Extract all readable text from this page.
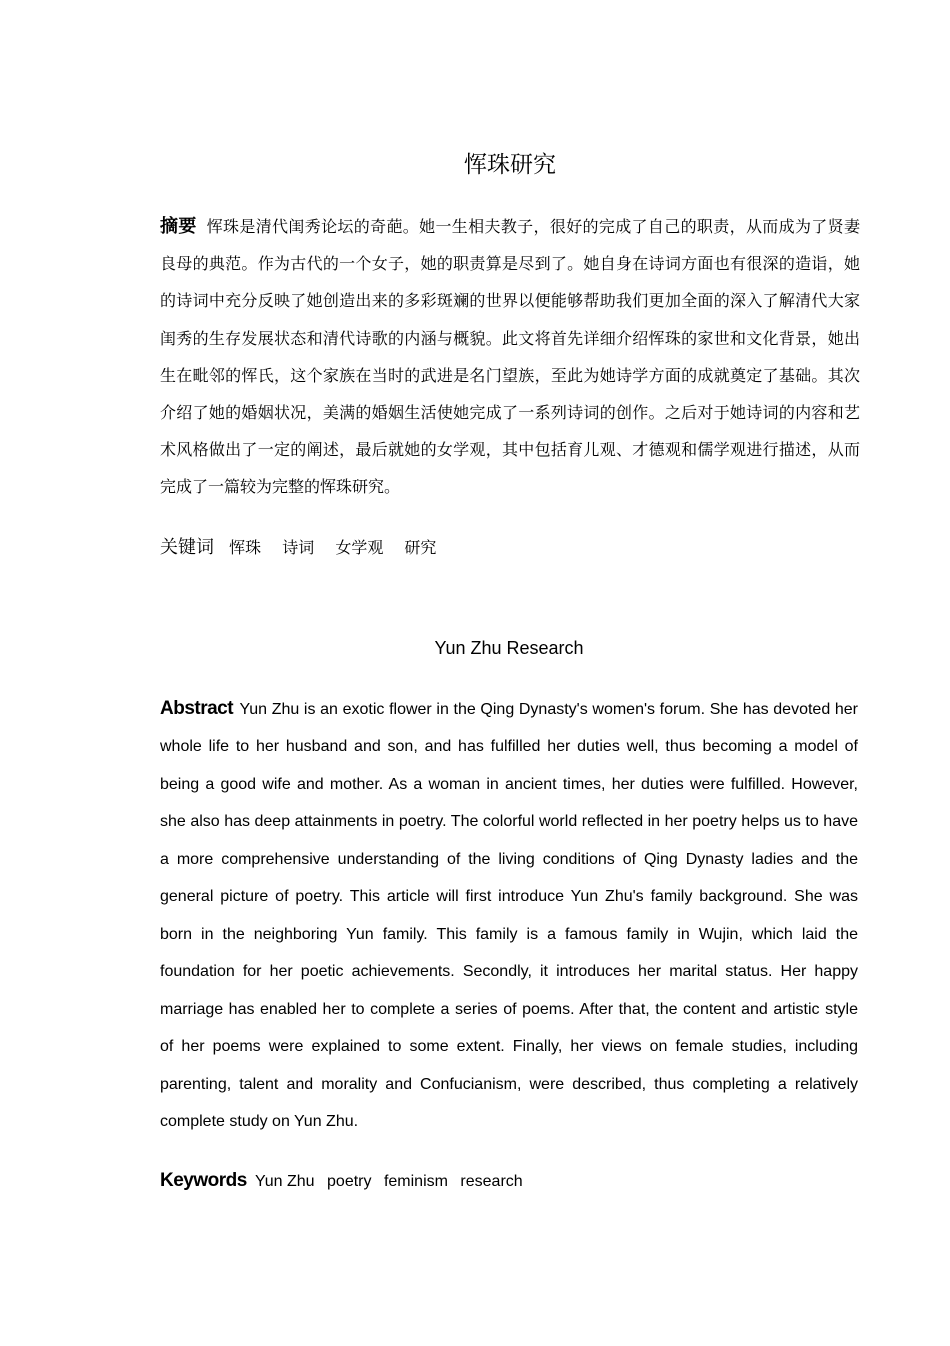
恽珠研究

摘要 恽珠是清代闺秀论坛的奇葩。她一生相夫教子，很好的完成了自己的职责，从而成为了贤妻良母的典范。作为古代的一个女子，她的职责算是尽到了。她自身在诗词方面也有很深的造诣，她的诗词中充分反映了她创造出来的多彩斑斓的世界以便能够帮助我们更加全面的深入了解清代大家闺秀的生存发展状态和清代诗歌的内涵与概貌。此文将首先详细介绍恽珠的家世和文化背景，她出生在毗邻的恽氏，这个家族在当时的武进是名门望族，至此为她诗学方面的成就奠定了基础。其次介绍了她的婚姻状况，美满的婚姻生活使她完成了一系列诗词的创作。之后对于她诗词的内容和艺术风格做出了一定的阐述，最后就她的女学观，其中包括育儿观、才德观和儒学观进行描述，从而完成了一篇较为完整的恽珠研究。

关键词 恽珠 诗词 女学观 研究
Yun Zhu Research

Abstract Yun Zhu is an exotic flower in the Qing Dynasty's women's forum. She has devoted her whole life to her husband and son, and has fulfilled her duties well, thus becoming a model of being a good wife and mother. As a woman in ancient times, her duties were fulfilled. However, she also has deep attainments in poetry. The colorful world reflected in her poetry helps us to have a more comprehensive understanding of the living conditions of Qing Dynasty ladies and the general picture of poetry. This article will first introduce Yun Zhu's family background. She was born in the neighboring Yun family. This family is a famous family in Wujin, which laid the foundation for her poetic achievements. Secondly, it introduces her marital status. Her happy marriage has enabled her to complete a series of poems. After that, the content and artistic style of her poems were explained to some extent. Finally, her views on female studies, including parenting, talent and morality and Confucianism, were described, thus completing a relatively complete study on Yun Zhu.

Keywords Yun Zhu poetry feminism research
